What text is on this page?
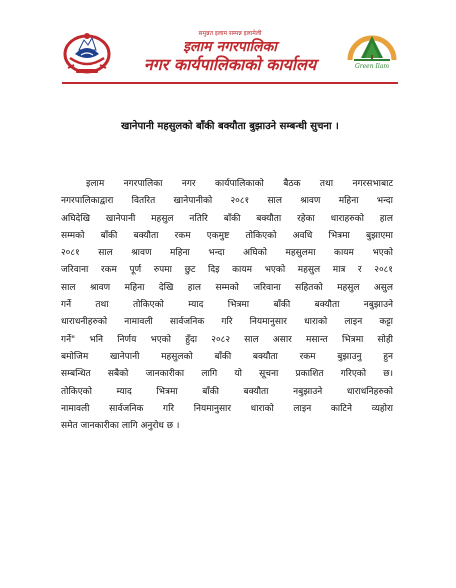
समुन्नत इलाम सम्पन्न इलामेली
इलाम नगरपालिका
नगर कार्यपालिकाको कार्यालय	Green Ilam
खानेपानी महसुलको बाँकी बक्यौता बुझाउने सम्बन्धी सुचना ।
इलाम नगरपालिका नगर कार्यपालिकाको बैठक तथा नगरसभाबाट
नगरपालिकाद्वारा वितरित खानेपानीको २०८१ साल श्रावण महिना भन्दा
अघिदेखि खानेपानी महसुल नतिरि बाँकी बक्यौता रहेका धाराहरुको हाल
सम्मको बाँकी बक्यौता रकम एकमुष्ट तोकिएको अवधि भित्रमा बुझाएमा
२०८१ साल श्रावण महिना भन्दा अघिको महसुलमा कायम भएको
जरिवाना रकम पूर्ण रुपमा छुट दिइ कायम भएको महसुल मात्र र २०८१
साल श्रावण महिना देखि हाल सम्मको जरिवाना सहितको महसुल असुल
गर्ने तथा तोकिएको म्याद भित्रमा बाँकी बक्यौता नबुझाउने
धाराधनीहरुको नामावली सार्वजनिक गरि नियमानुसार धाराको लाइन कट्टा
गर्ने" भनि निर्णय भएको हुँदा २०८२ साल असार मसान्त भित्रमा सोही
बमोजिम खानेपानी महसुलको बाँकी बक्यौता रकम बुझाउनु हुन
सम्बन्धित सबैको जानकारीका लागि यो सूचना प्रकाशित गरिएको छ।
तोकिएको म्याद भित्रमा बाँकी बक्यौता नबुझाउने धाराधनिहरुको
नामावली सार्वजनिक गरि नियमानुसार धाराको लाइन काटिने व्यहोरा
समेत जानकारीका लागि अनुरोध छ ।
